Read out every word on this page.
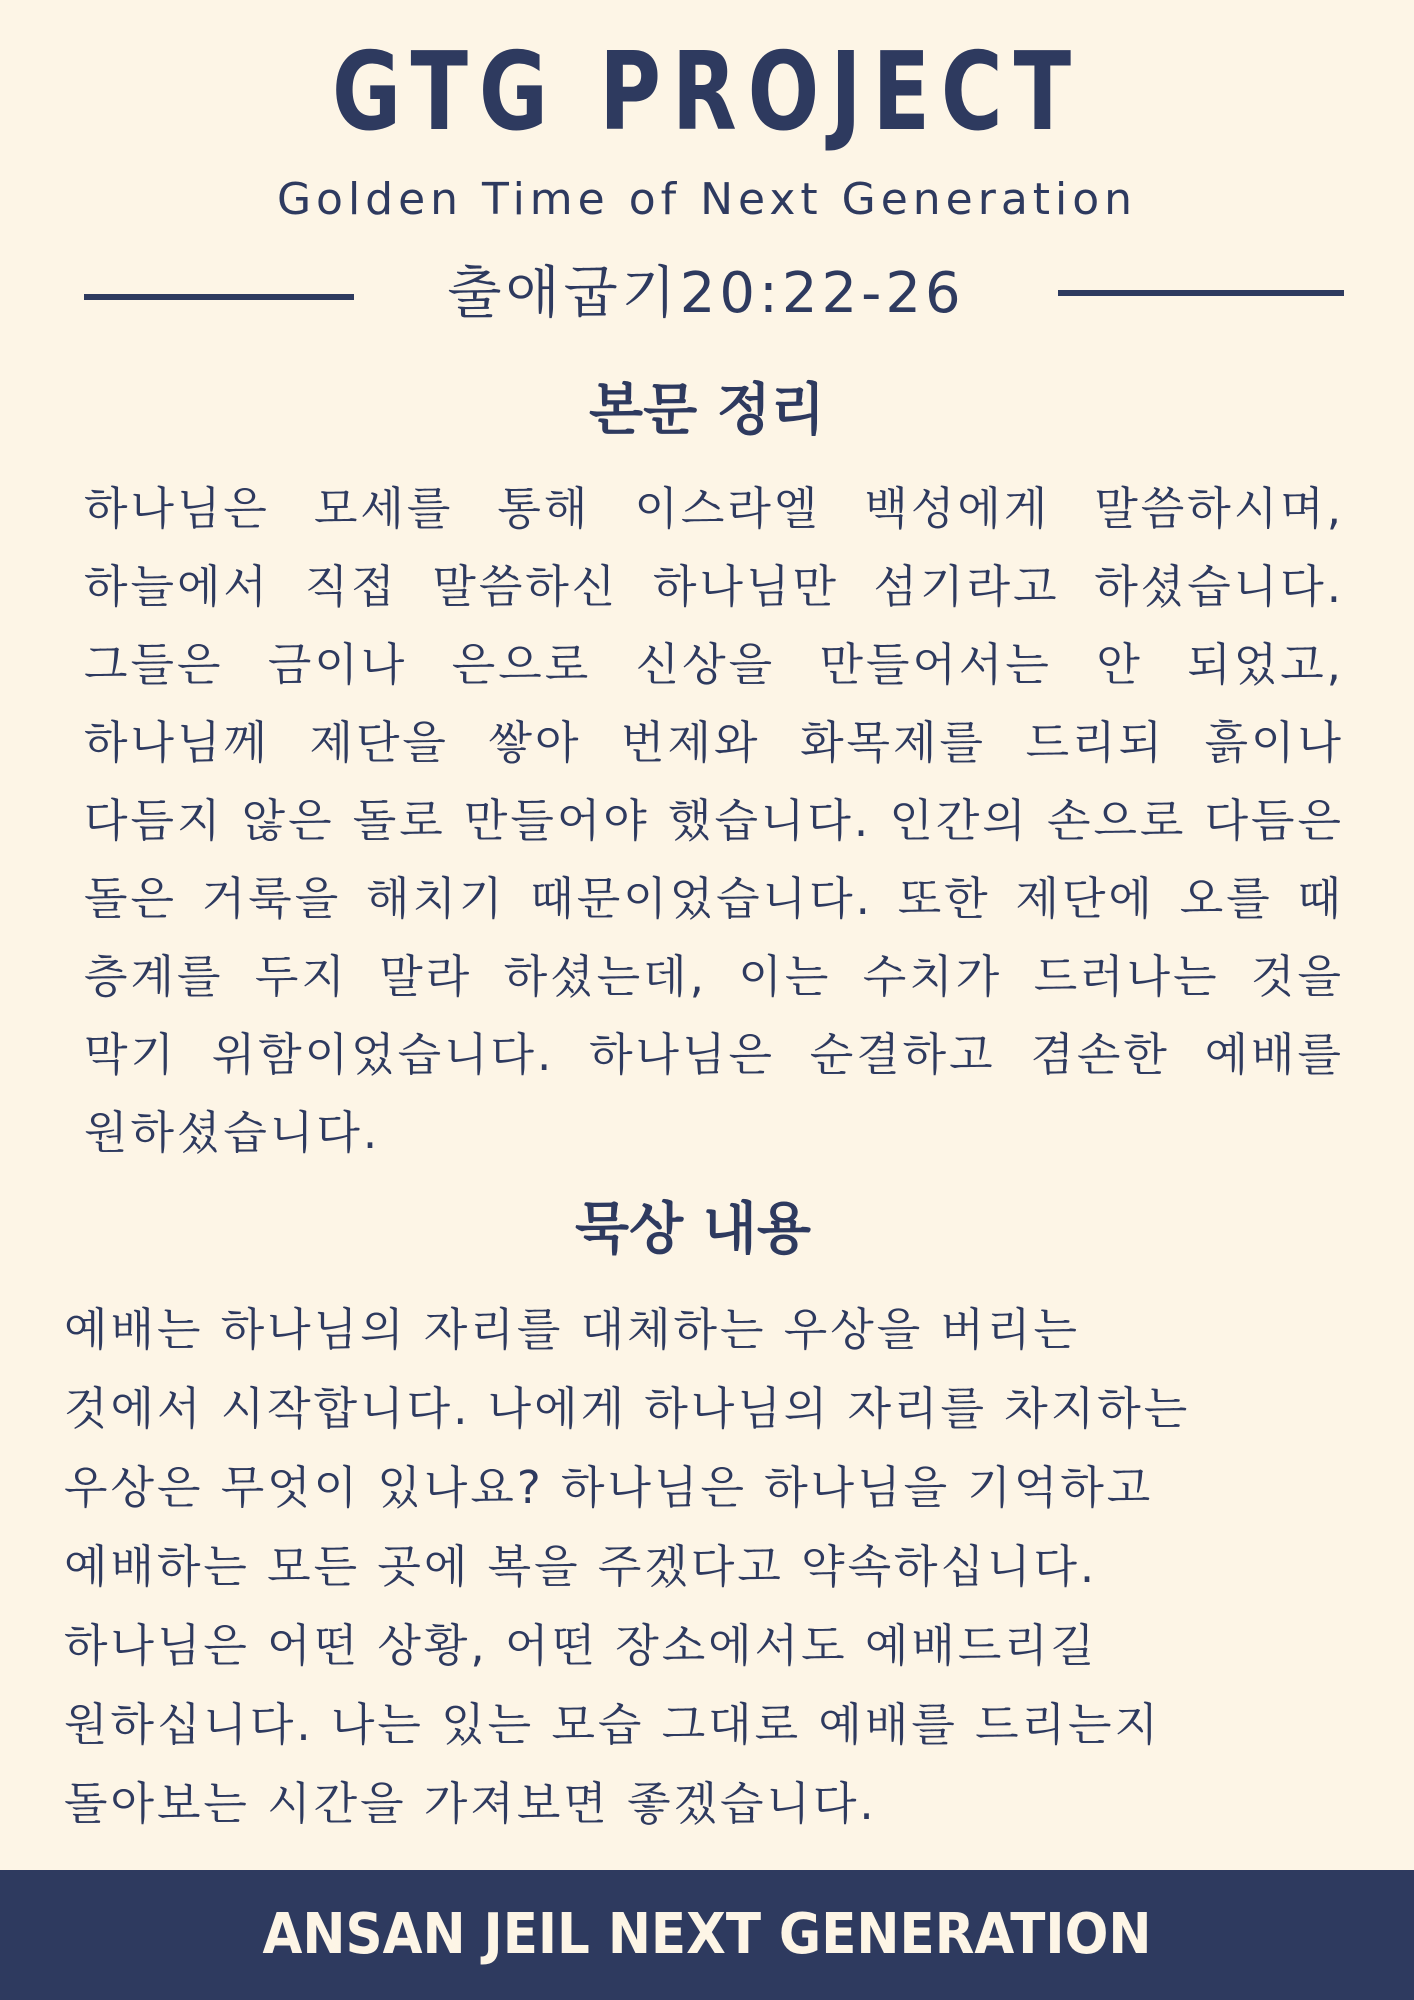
GTG PROJECT
Golden Time of Next Generation
출애굽기20:22-26
본문 정리
하나님은 모세를 통해 이스라엘 백성에게 말씀하시며, 하늘에서 직접 말씀하신 하나님만 섬기라고 하셨습니다. 그들은 금이나 은으로 신상을 만들어서는 안 되었고, 하나님께 제단을 쌓아 번제와 화목제를 드리되 흙이나 다듬지 않은 돌로 만들어야 했습니다. 인간의 손으로 다듬은 돌은 거룩을 해치기 때문이었습니다. 또한 제단에 오를 때 층계를 두지 말라 하셨는데, 이는 수치가 드러나는 것을 막기 위함이었습니다. 하나님은 순결하고 겸손한 예배를 원하셨습니다.
묵상 내용
예배는 하나님의 자리를 대체하는 우상을 버리는
것에서 시작합니다. 나에게 하나님의 자리를 차지하는
우상은 무엇이 있나요? 하나님은 하나님을 기억하고
예배하는 모든 곳에 복을 주겠다고 약속하십니다.
하나님은 어떤 상황, 어떤 장소에서도 예배드리길
원하십니다. 나는 있는 모습 그대로 예배를 드리는지
돌아보는 시간을 가져보면 좋겠습니다.
ANSAN JEIL NEXT GENERATION
